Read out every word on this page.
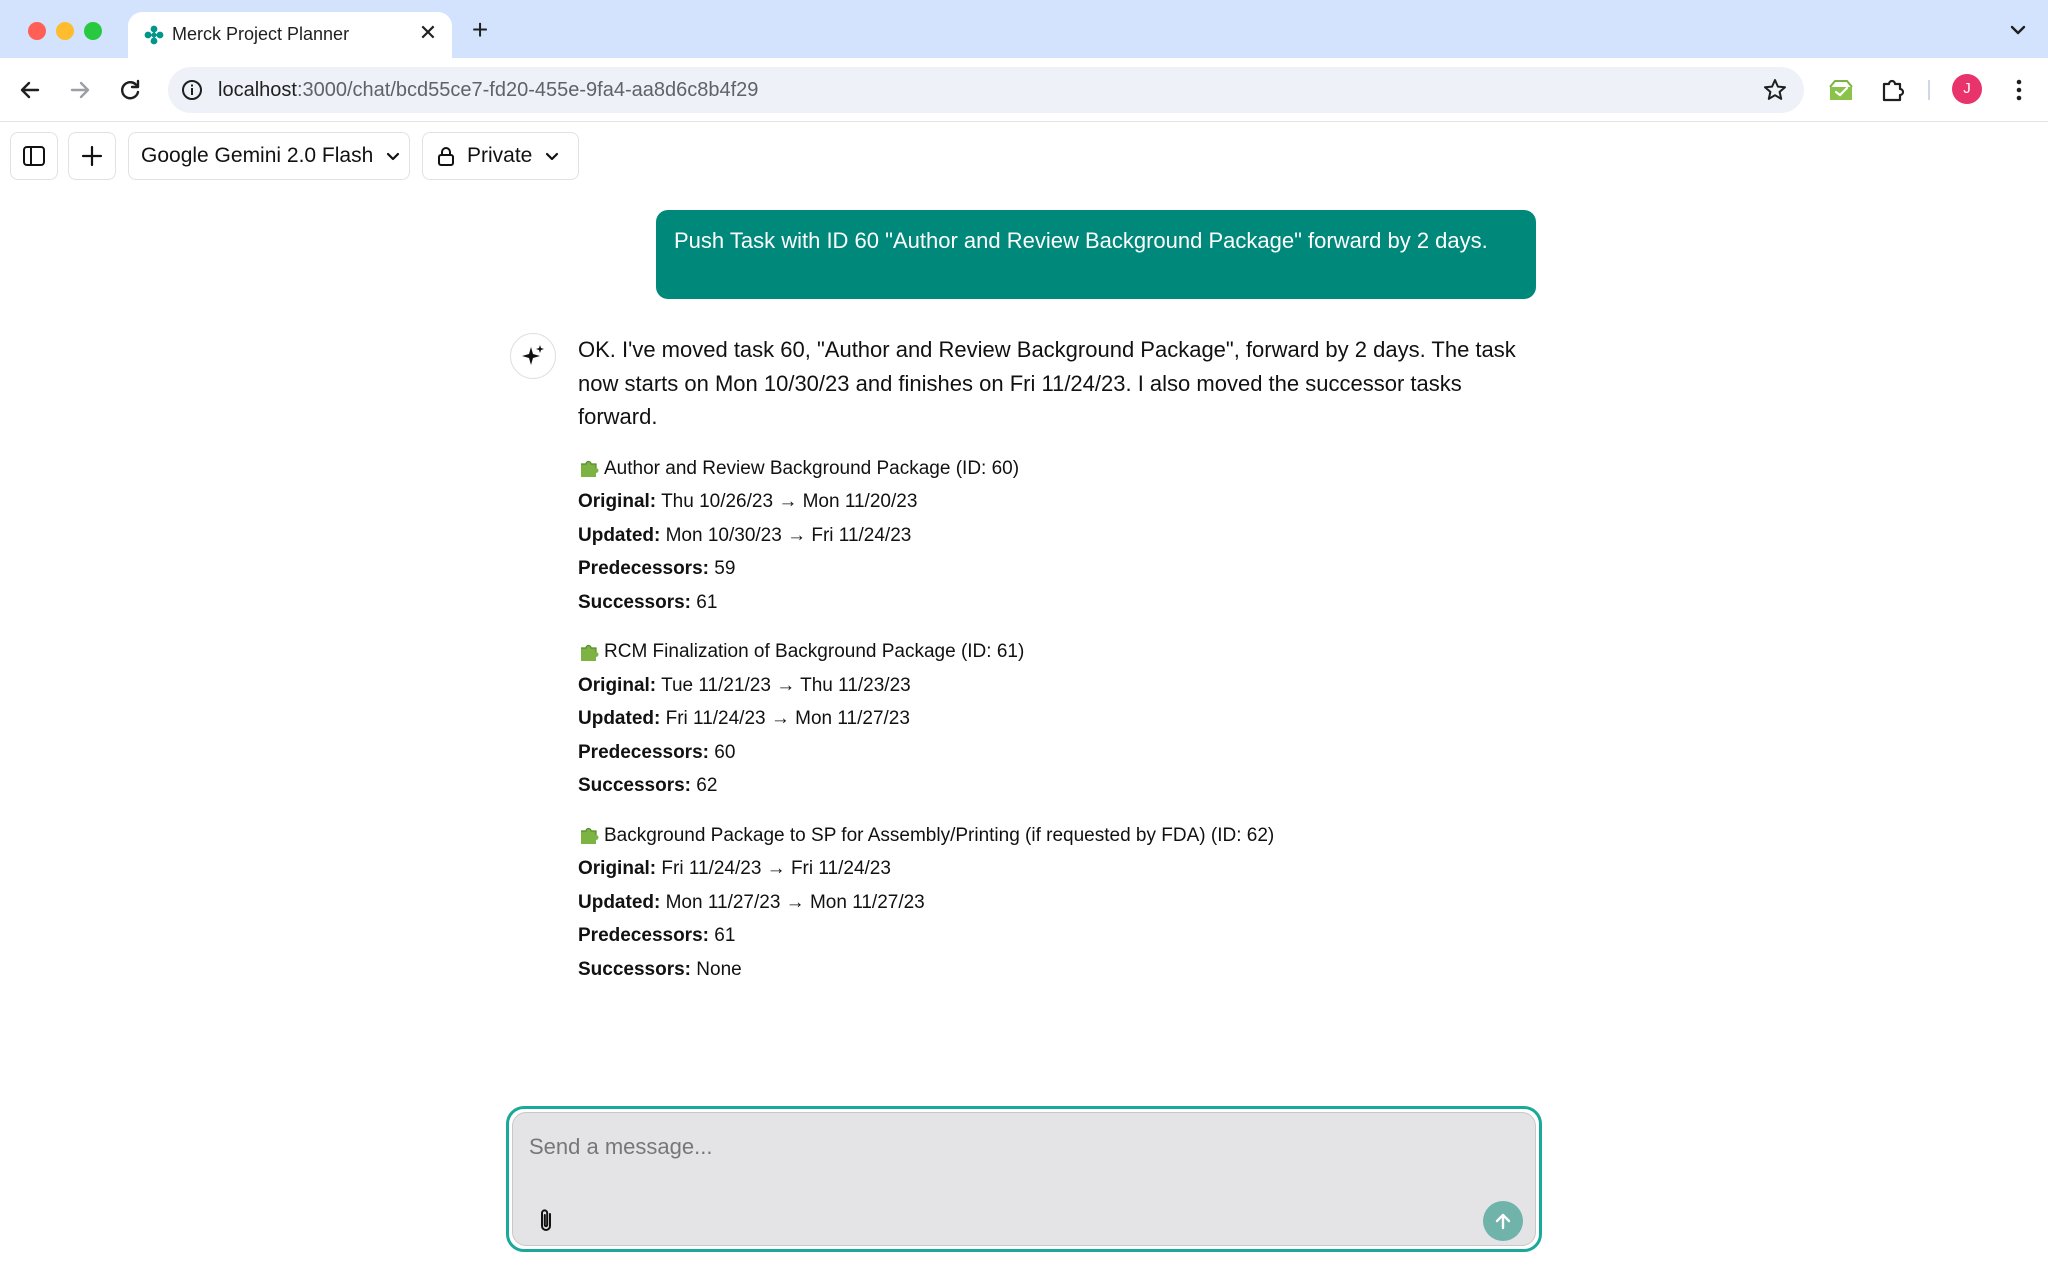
Merck Project Planner	✕ +
localhost:3000/chat/bcd55ce7-fd20-455e-9fa4-aa8d6c8b4f29	J
Google Gemini 2.0 Flash	Private
Push Task with ID 60 "Author and Review Background Package" forward by 2 days.

OK. I've moved task 60, "Author and Review Background Package", forward by 2 days. The task now starts on Mon 10/30/23 and finishes on Fri 11/24/23. I also moved the successor tasks forward.

Author and Review Background Package (ID: 60)
Original: Thu 10/26/23 → Mon 11/20/23
Updated: Mon 10/30/23 → Fri 11/24/23
Predecessors: 59
Successors: 61
RCM Finalization of Background Package (ID: 61)
Original: Tue 11/21/23 → Thu 11/23/23
Updated: Fri 11/24/23 → Mon 11/27/23
Predecessors: 60
Successors: 62
Background Package to SP for Assembly/Printing (if requested by FDA) (ID: 62)
Original: Fri 11/24/23 → Fri 11/24/23
Updated: Mon 11/27/23 → Mon 11/27/23
Predecessors: 61
Successors: None
Send a message...
